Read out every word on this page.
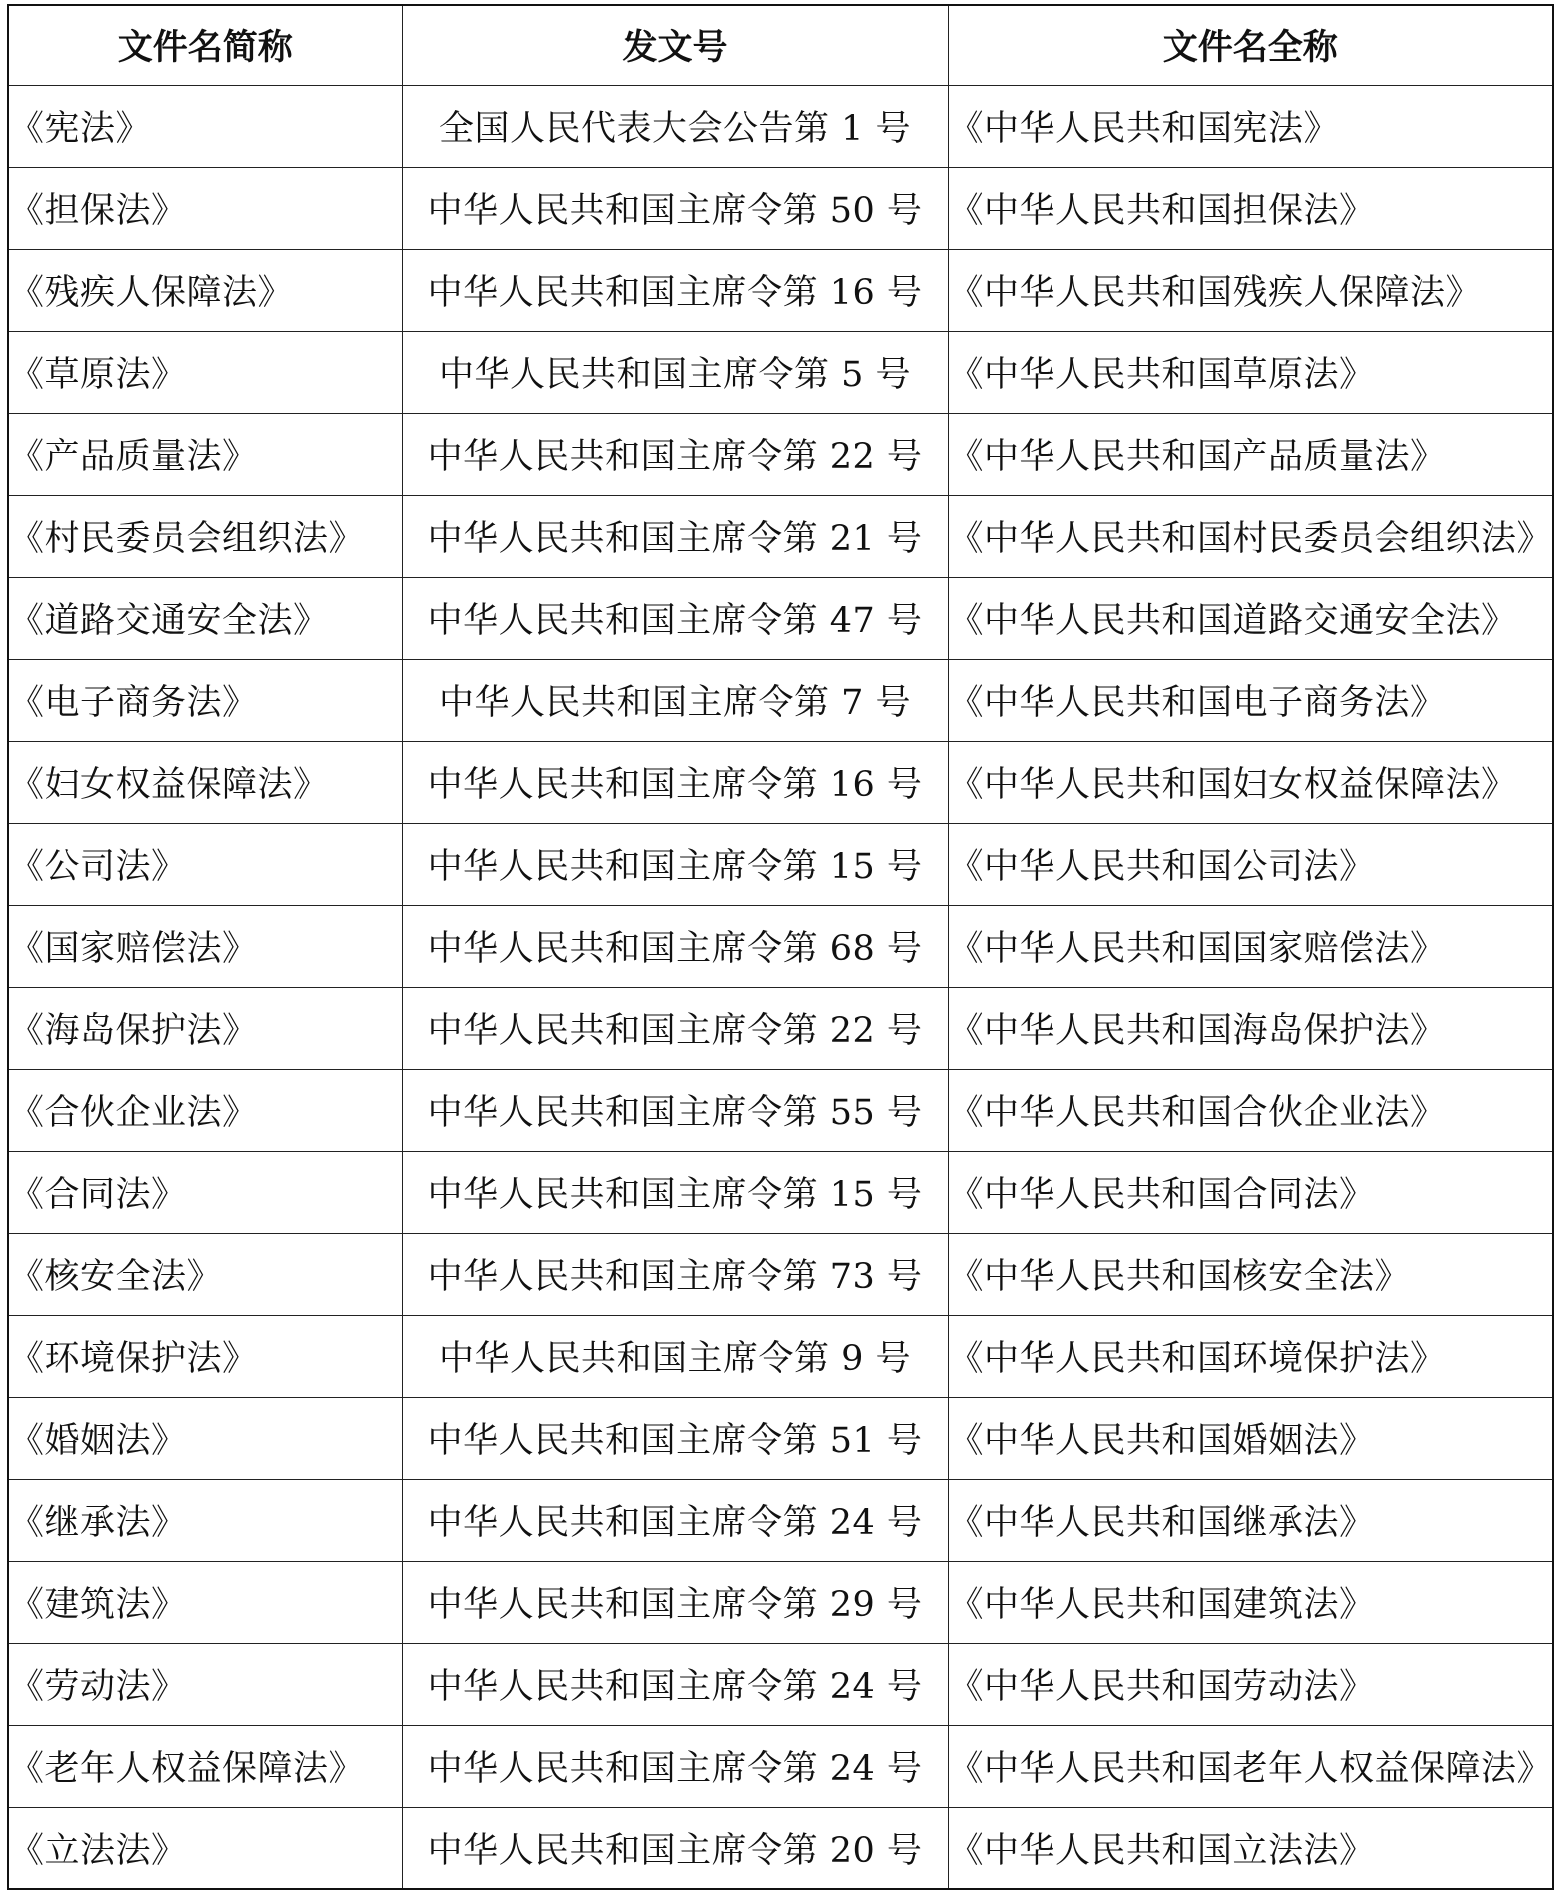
文件名简称	发文号	文件名全称
《宪法》	全国人民代表大会公告第 1 号	《中华人民共和国宪法》
《担保法》	中华人民共和国主席令第 50 号	《中华人民共和国担保法》
《残疾人保障法》	中华人民共和国主席令第 16 号	《中华人民共和国残疾人保障法》
《草原法》	中华人民共和国主席令第 5 号	《中华人民共和国草原法》
《产品质量法》	中华人民共和国主席令第 22 号	《中华人民共和国产品质量法》
《村民委员会组织法》	中华人民共和国主席令第 21 号	《中华人民共和国村民委员会组织法》
《道路交通安全法》	中华人民共和国主席令第 47 号	《中华人民共和国道路交通安全法》
《电子商务法》	中华人民共和国主席令第 7 号	《中华人民共和国电子商务法》
《妇女权益保障法》	中华人民共和国主席令第 16 号	《中华人民共和国妇女权益保障法》
《公司法》	中华人民共和国主席令第 15 号	《中华人民共和国公司法》
《国家赔偿法》	中华人民共和国主席令第 68 号	《中华人民共和国国家赔偿法》
《海岛保护法》	中华人民共和国主席令第 22 号	《中华人民共和国海岛保护法》
《合伙企业法》	中华人民共和国主席令第 55 号	《中华人民共和国合伙企业法》
《合同法》	中华人民共和国主席令第 15 号	《中华人民共和国合同法》
《核安全法》	中华人民共和国主席令第 73 号	《中华人民共和国核安全法》
《环境保护法》	中华人民共和国主席令第 9 号	《中华人民共和国环境保护法》
《婚姻法》	中华人民共和国主席令第 51 号	《中华人民共和国婚姻法》
《继承法》	中华人民共和国主席令第 24 号	《中华人民共和国继承法》
《建筑法》	中华人民共和国主席令第 29 号	《中华人民共和国建筑法》
《劳动法》	中华人民共和国主席令第 24 号	《中华人民共和国劳动法》
《老年人权益保障法》	中华人民共和国主席令第 24 号	《中华人民共和国老年人权益保障法》
《立法法》	中华人民共和国主席令第 20 号	《中华人民共和国立法法》
